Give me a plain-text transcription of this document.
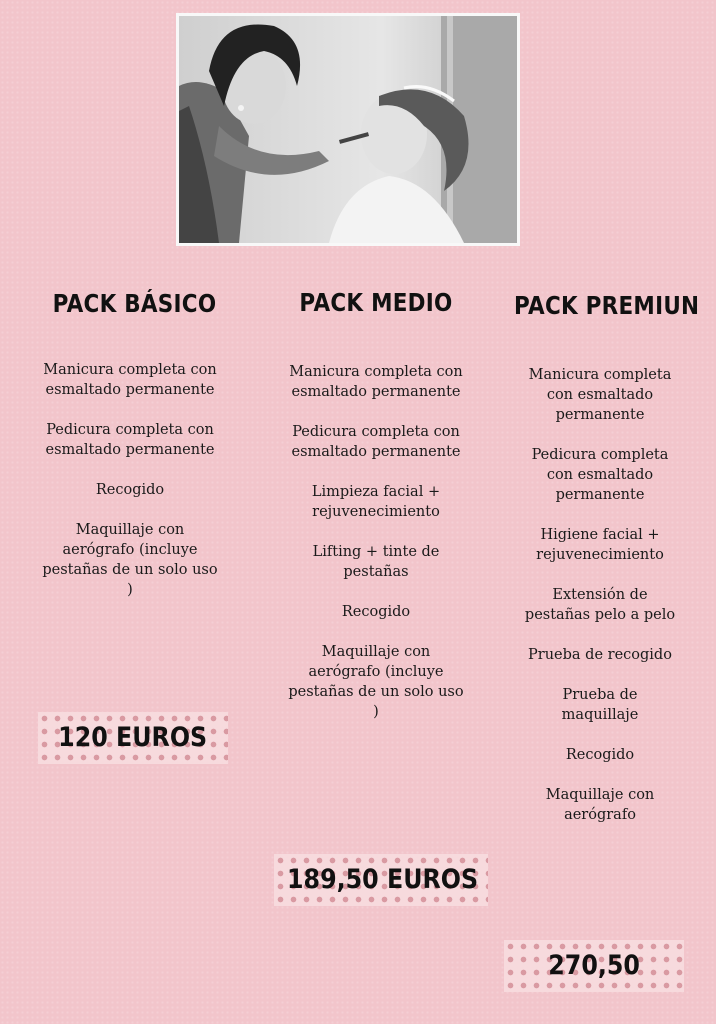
PACK BÁSICO
Manicura completa con esmaltado permanente
Pedicura completa con esmaltado permanente
Recogido
Maquillaje con aerógrafo (incluye pestañas de un solo uso )
120 EUROS
PACK MEDIO
Manicura completa con esmaltado permanente
Pedicura completa con esmaltado permanente
Limpieza facial + rejuvenecimiento
Lifting + tinte de pestañas
Recogido
Maquillaje con aerógrafo (incluye pestañas de un solo uso )
189,50 EUROS
PACK PREMIUN
Manicura completa con esmaltado permanente
Pedicura completa con esmaltado permanente
Higiene facial + rejuvenecimiento
Extensión de pestañas pelo a pelo
Prueba de recogido
Prueba de maquillaje
Recogido
Maquillaje con aerógrafo
270,50
